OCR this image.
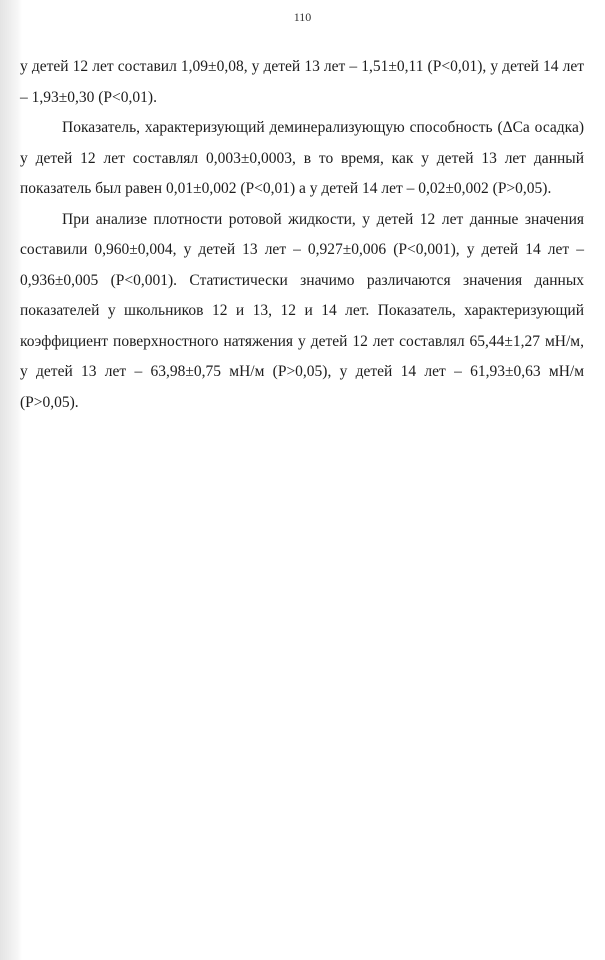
110

у детей 12 лет составил 1,09±0,08, у детей 13 лет – 1,51±0,11 (P<0,01), у детей 14 лет – 1,93±0,30 (P<0,01).

Показатель, характеризующий деминерализующую способность (ΔCa осадка) у детей 12 лет составлял 0,003±0,0003, в то время, как у детей 13 лет данный показатель был равен 0,01±0,002 (P<0,01) а у детей 14 лет – 0,02±0,002 (P>0,05).

При анализе плотности ротовой жидкости, у детей 12 лет данные значения составили 0,960±0,004, у детей 13 лет – 0,927±0,006 (P<0,001), у детей 14 лет – 0,936±0,005 (P<0,001). Статистически значимо различаются значения данных показателей у школьников 12 и 13, 12 и 14 лет. Показатель, характеризующий коэффициент поверхностного натяжения у детей 12 лет составлял 65,44±1,27 мН/м, у детей 13 лет – 63,98±0,75 мН/м (P>0,05), у детей 14 лет – 61,93±0,63 мН/м (P>0,05).
